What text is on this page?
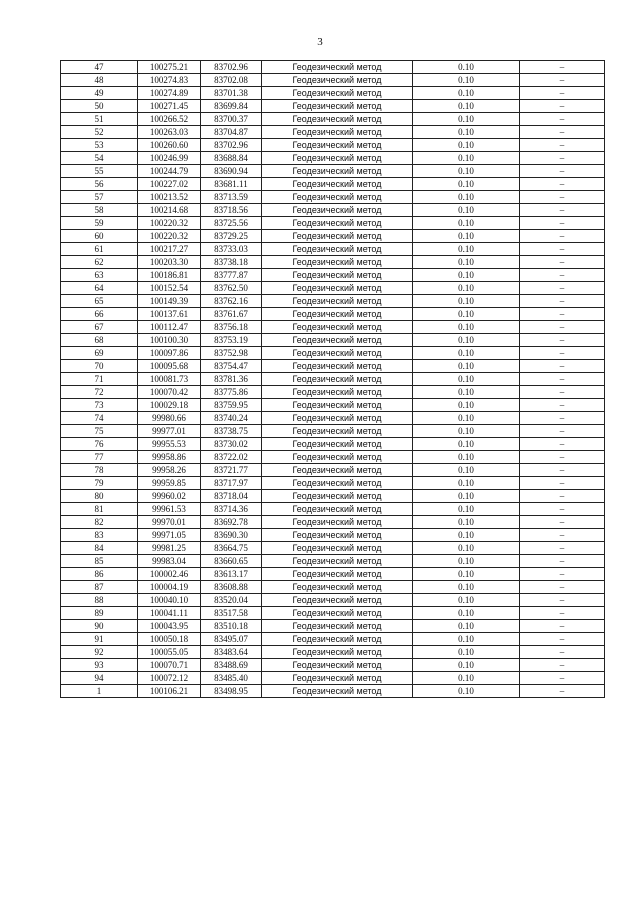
3
47	100275.21	83702.96	Геодезический метод	0.10	–
48	100274.83	83702.08	Геодезический метод	0.10	–
49	100274.89	83701.38	Геодезический метод	0.10	–
50	100271.45	83699.84	Геодезический метод	0.10	–
51	100266.52	83700.37	Геодезический метод	0.10	–
52	100263.03	83704.87	Геодезический метод	0.10	–
53	100260.60	83702.96	Геодезический метод	0.10	–
54	100246.99	83688.84	Геодезический метод	0.10	–
55	100244.79	83690.94	Геодезический метод	0.10	–
56	100227.02	83681.11	Геодезический метод	0.10	–
57	100213.52	83713.59	Геодезический метод	0.10	–
58	100214.68	83718.56	Геодезический метод	0.10	–
59	100220.32	83725.56	Геодезический метод	0.10	–
60	100220.32	83729.25	Геодезический метод	0.10	–
61	100217.27	83733.03	Геодезический метод	0.10	–
62	100203.30	83738.18	Геодезический метод	0.10	–
63	100186.81	83777.87	Геодезический метод	0.10	–
64	100152.54	83762.50	Геодезический метод	0.10	–
65	100149.39	83762.16	Геодезический метод	0.10	–
66	100137.61	83761.67	Геодезический метод	0.10	–
67	100112.47	83756.18	Геодезический метод	0.10	–
68	100100.30	83753.19	Геодезический метод	0.10	–
69	100097.86	83752.98	Геодезический метод	0.10	–
70	100095.68	83754.47	Геодезический метод	0.10	–
71	100081.73	83781.36	Геодезический метод	0.10	–
72	100070.42	83775.86	Геодезический метод	0.10	–
73	100029.18	83759.95	Геодезический метод	0.10	–
74	99980.66	83740.24	Геодезический метод	0.10	–
75	99977.01	83738.75	Геодезический метод	0.10	–
76	99955.53	83730.02	Геодезический метод	0.10	–
77	99958.86	83722.02	Геодезический метод	0.10	–
78	99958.26	83721.77	Геодезический метод	0.10	–
79	99959.85	83717.97	Геодезический метод	0.10	–
80	99960.02	83718.04	Геодезический метод	0.10	–
81	99961.53	83714.36	Геодезический метод	0.10	–
82	99970.01	83692.78	Геодезический метод	0.10	–
83	99971.05	83690.30	Геодезический метод	0.10	–
84	99981.25	83664.75	Геодезический метод	0.10	–
85	99983.04	83660.65	Геодезический метод	0.10	–
86	100002.46	83613.17	Геодезический метод	0.10	–
87	100004.19	83608.88	Геодезический метод	0.10	–
88	100040.10	83520.04	Геодезический метод	0.10	–
89	100041.11	83517.58	Геодезический метод	0.10	–
90	100043.95	83510.18	Геодезический метод	0.10	–
91	100050.18	83495.07	Геодезический метод	0.10	–
92	100055.05	83483.64	Геодезический метод	0.10	–
93	100070.71	83488.69	Геодезический метод	0.10	–
94	100072.12	83485.40	Геодезический метод	0.10	–
1	100106.21	83498.95	Геодезический метод	0.10	–
